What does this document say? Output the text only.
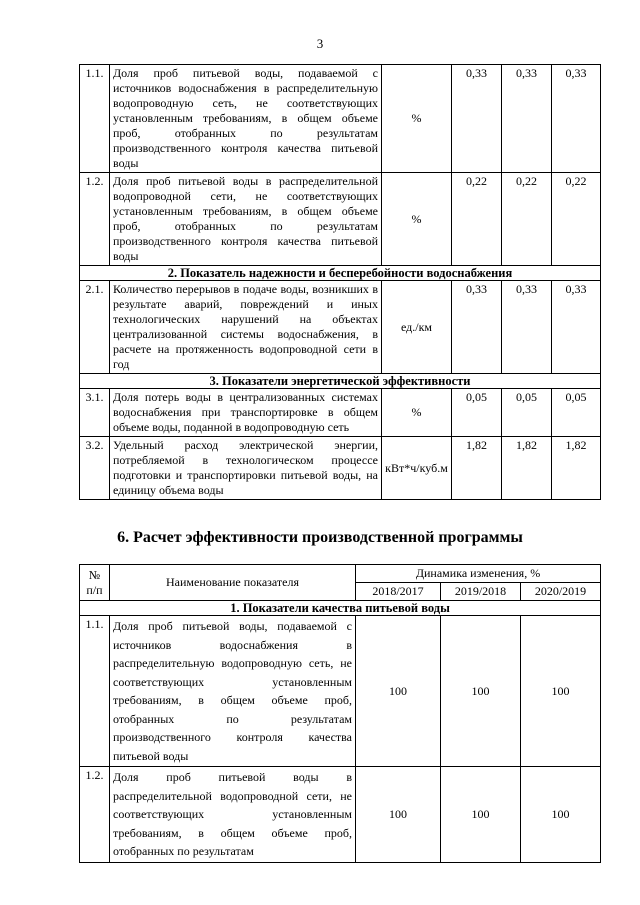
3
1.1.	Доля проб питьевой воды, подаваемой с источников водоснабжения в распределительную водопроводную сеть, не соответствующих установленным требованиям, в общем объеме проб, отобранных по результатам производственного контроля качества питьевой воды	%	0,33	0,33	0,33
1.2.	Доля проб питьевой воды в распределительной водопроводной сети, не соответствующих установленным требованиям, в общем объеме проб, отобранных по результатам производственного контроля качества питьевой воды	%	0,22	0,22	0,22
2. Показатель надежности и бесперебойности водоснабжения					
2.1.	Количество перерывов в подаче воды, возникших в результате аварий, повреждений и иных технологических нарушений на объектах централизованной системы водоснабжения, в расчете на протяженность водопроводной сети в год	ед./км	0,33	0,33	0,33
3. Показатели энергетической эффективности					
3.1.	Доля потерь воды в централизованных системах водоснабжения при транспортировке в общем объеме воды, поданной в водопроводную сеть	%	0,05	0,05	0,05
3.2.	Удельный расход электрической энергии, потребляемой в технологическом процессе подготовки и транспортировки питьевой воды, на единицу объема воды	кВт*ч/куб.м	1,82	1,82	1,82
6. Расчет эффективности производственной программы
№ п/п	Наименование показателя	Динамика изменения, %		
		2018/2017	2019/2018	2020/2019
1. Показатели качества питьевой воды				
1.1.	Доля проб питьевой воды, подаваемой с источников водоснабжения в распределительную водопроводную сеть, не соответствующих установленным требованиям, в общем объеме проб, отобранных по результатам производственного контроля качества питьевой воды	100	100	100
1.2.	Доля проб питьевой воды в распределительной водопроводной сети, не соответствующих установленным требованиям, в общем объеме проб, отобранных по результатам	100	100	100
